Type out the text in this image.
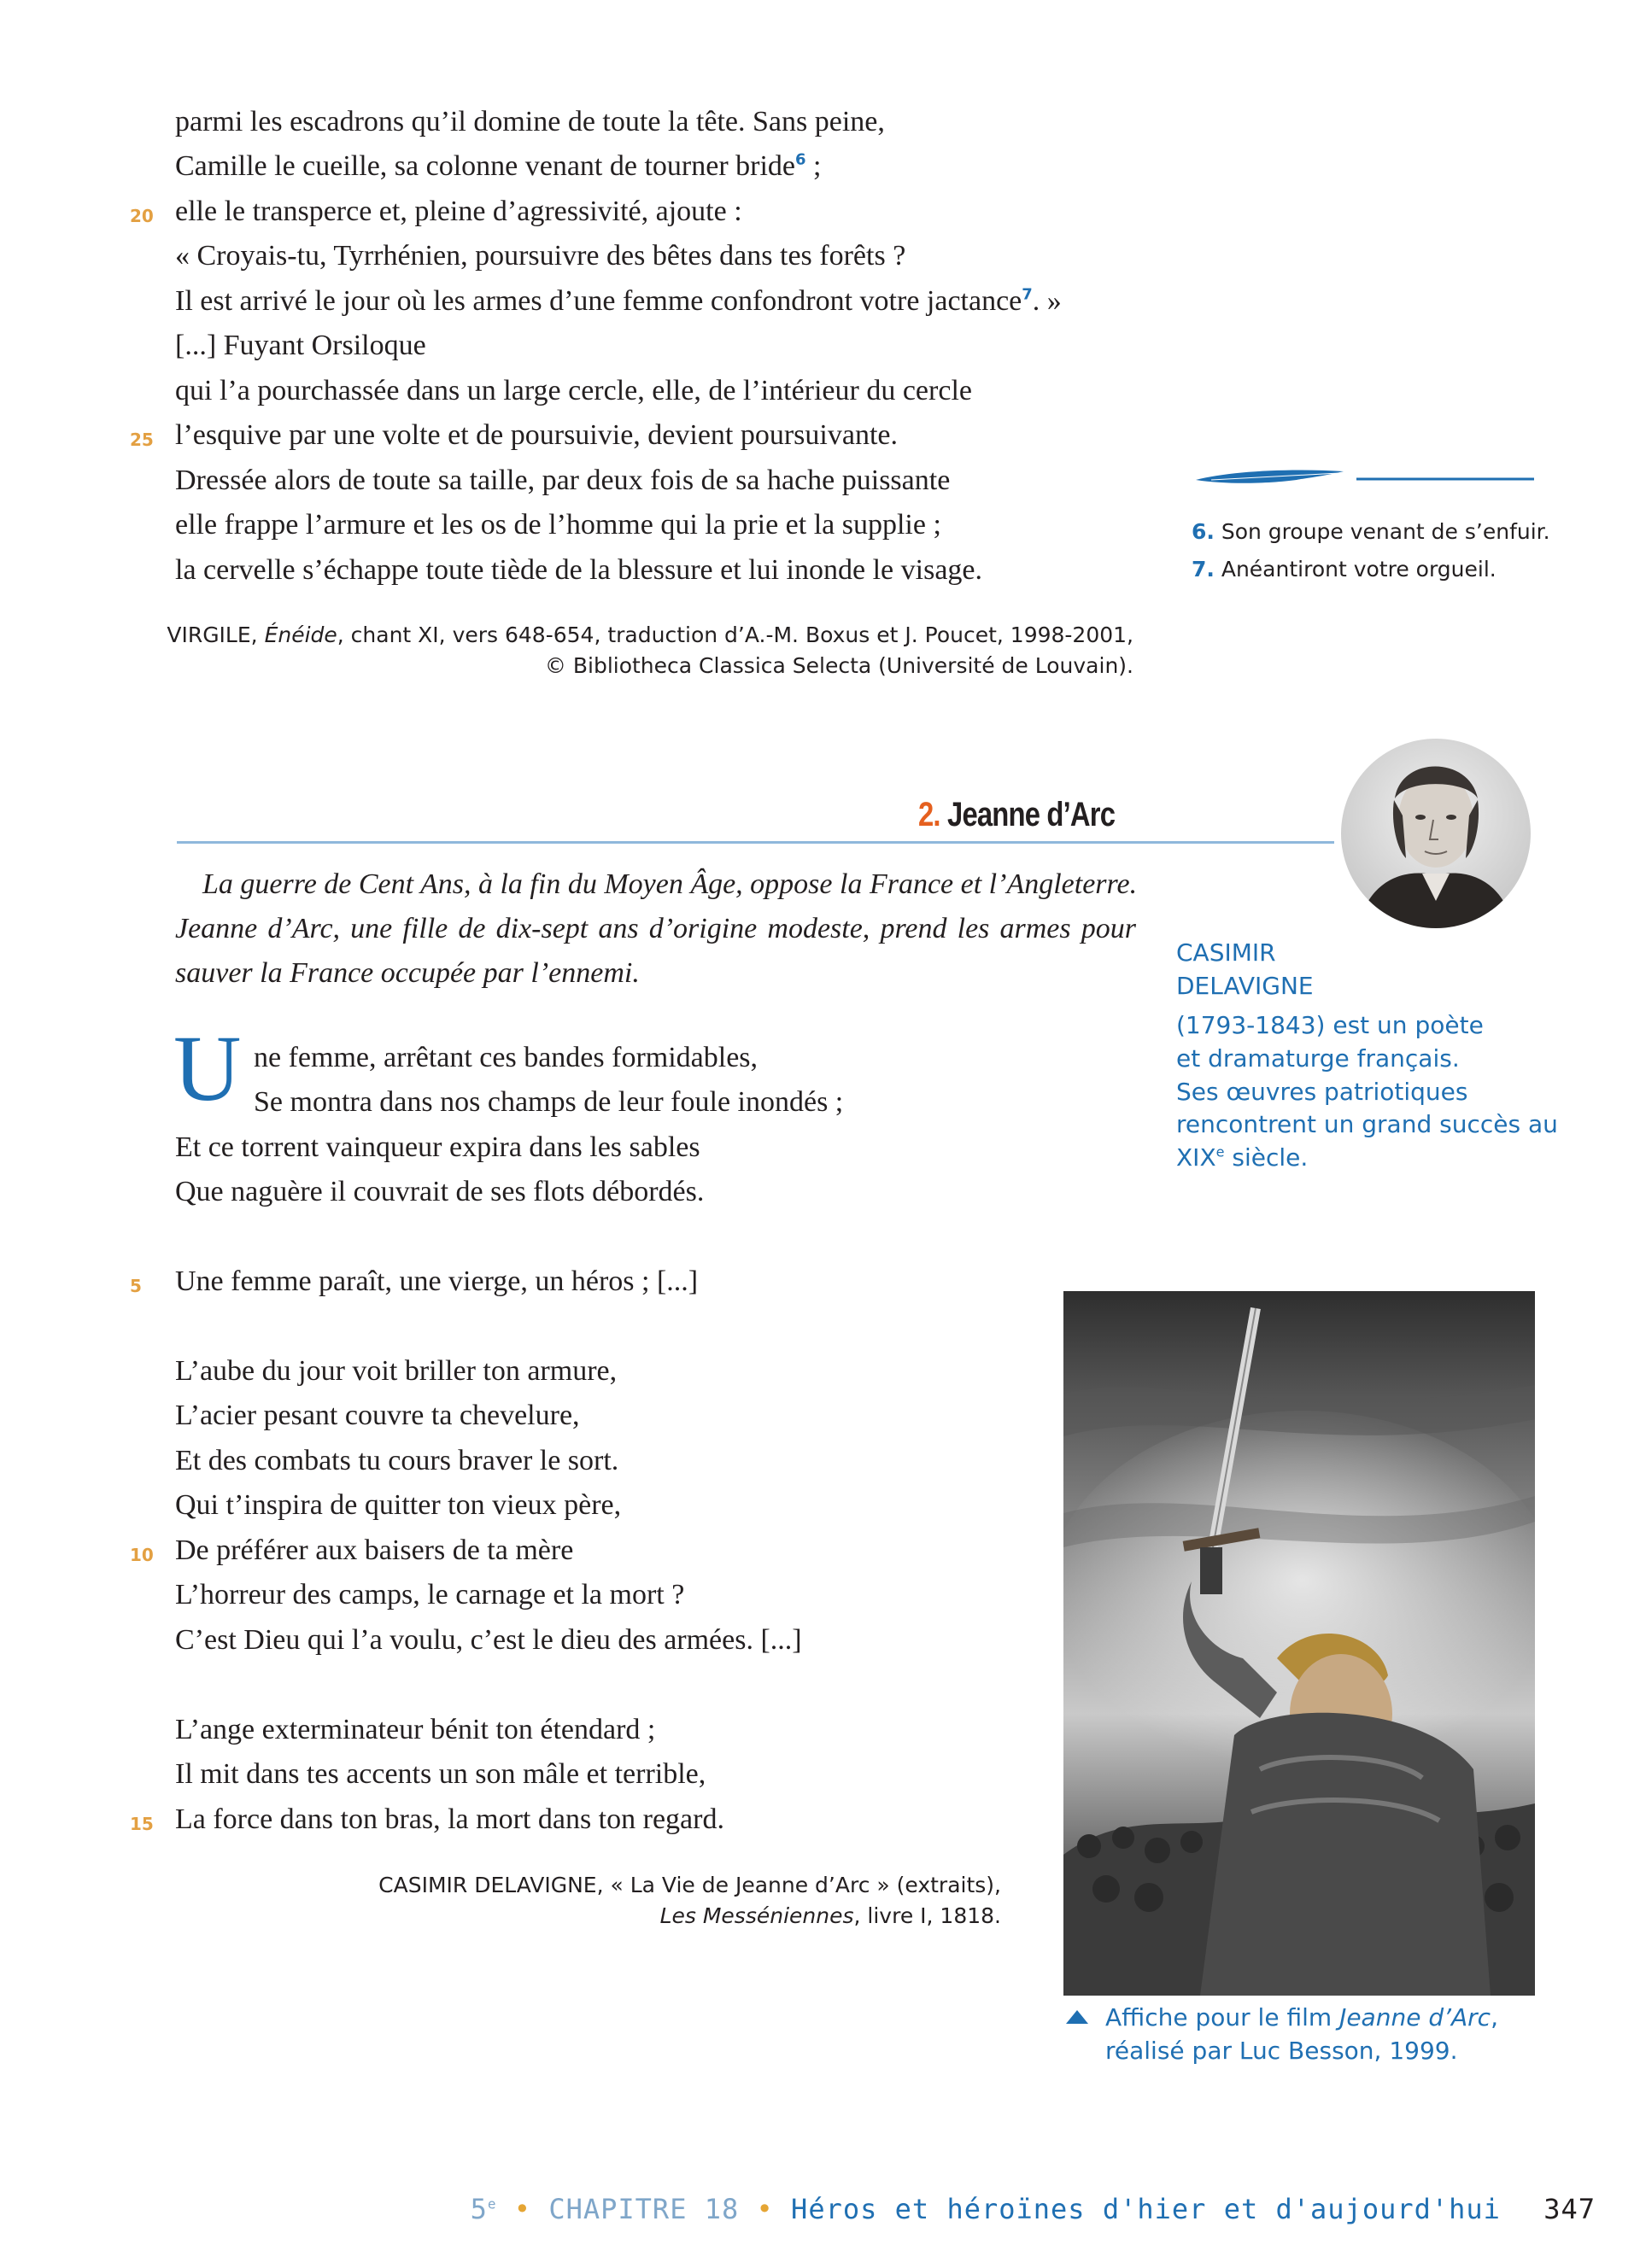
parmi les escadrons qu’il domine de toute la tête. Sans peine,
Camille le cueille, sa colonne venant de tourner bride$^6$ ;
20 elle le transperce et, pleine d’agressivité, ajoute :
« Croyais-tu, Tyrrhénien, poursuivre des bêtes dans tes forêts ?
Il est arrivé le jour où les armes d’une femme confondront votre jactance$^7$. »
[...] Fuyant Orsiloque
qui l’a pourchassée dans un large cercle, elle, de l’intérieur du cercle
25 l’esquive par une volte et de poursuivie, devient poursuivante.
Dressée alors de toute sa taille, par deux fois de sa hache puissante
elle frappe l’armure et les os de l’homme qui la prie et la supplie ;
la cervelle s’échappe toute tiède de la blessure et lui inonde le visage.
VIRGILE, Énéide, chant XI, vers 648-654, traduction d’A.-M. Boxus et J. Poucet, 1998-2001,
© Bibliotheca Classica Selecta (Université de Louvain).
6. Son groupe venant de s’enfuir.
7. Anéantiront votre orgueil.
2. Jeanne d’Arc
La guerre de Cent Ans, à la fin du Moyen Âge, oppose la France et l’Angleterre.
Jeanne d’Arc, une fille de dix-sept ans d’origine modeste, prend les armes pour
sauver la France occupée par l’ennemi.
CASIMIR
DELAVIGNE
(1793-1843) est un poète
et dramaturge français.
Ses œuvres patriotiques
rencontrent un grand succès au
XIXe siècle.
U ne femme, arrêtant ces bandes formidables,
Se montra dans nos champs de leur foule inondés ;
Et ce torrent vainqueur expira dans les sables
Que naguère il couvrait de ses flots débordés.
5 Une femme paraît, une vierge, un héros ; [...]
L’aube du jour voit briller ton armure,
L’acier pesant couvre ta chevelure,
Et des combats tu cours braver le sort.
Qui t’inspira de quitter ton vieux père,
10 De préférer aux baisers de ta mère
L’horreur des camps, le carnage et la mort ?
C’est Dieu qui l’a voulu, c’est le dieu des armées. [...]
L’ange exterminateur bénit ton étendard ;
Il mit dans tes accents un son mâle et terrible,
15 La force dans ton bras, la mort dans ton regard.
CASIMIR DELAVIGNE, « La Vie de Jeanne d’Arc » (extraits),
Les Messéniennes, livre I, 1818.
Affiche pour le film Jeanne d’Arc,
réalisé par Luc Besson, 1999.
5e • CHAPITRE 18 • Héros et héroïnes d'hier et d'aujourd'hui 347
